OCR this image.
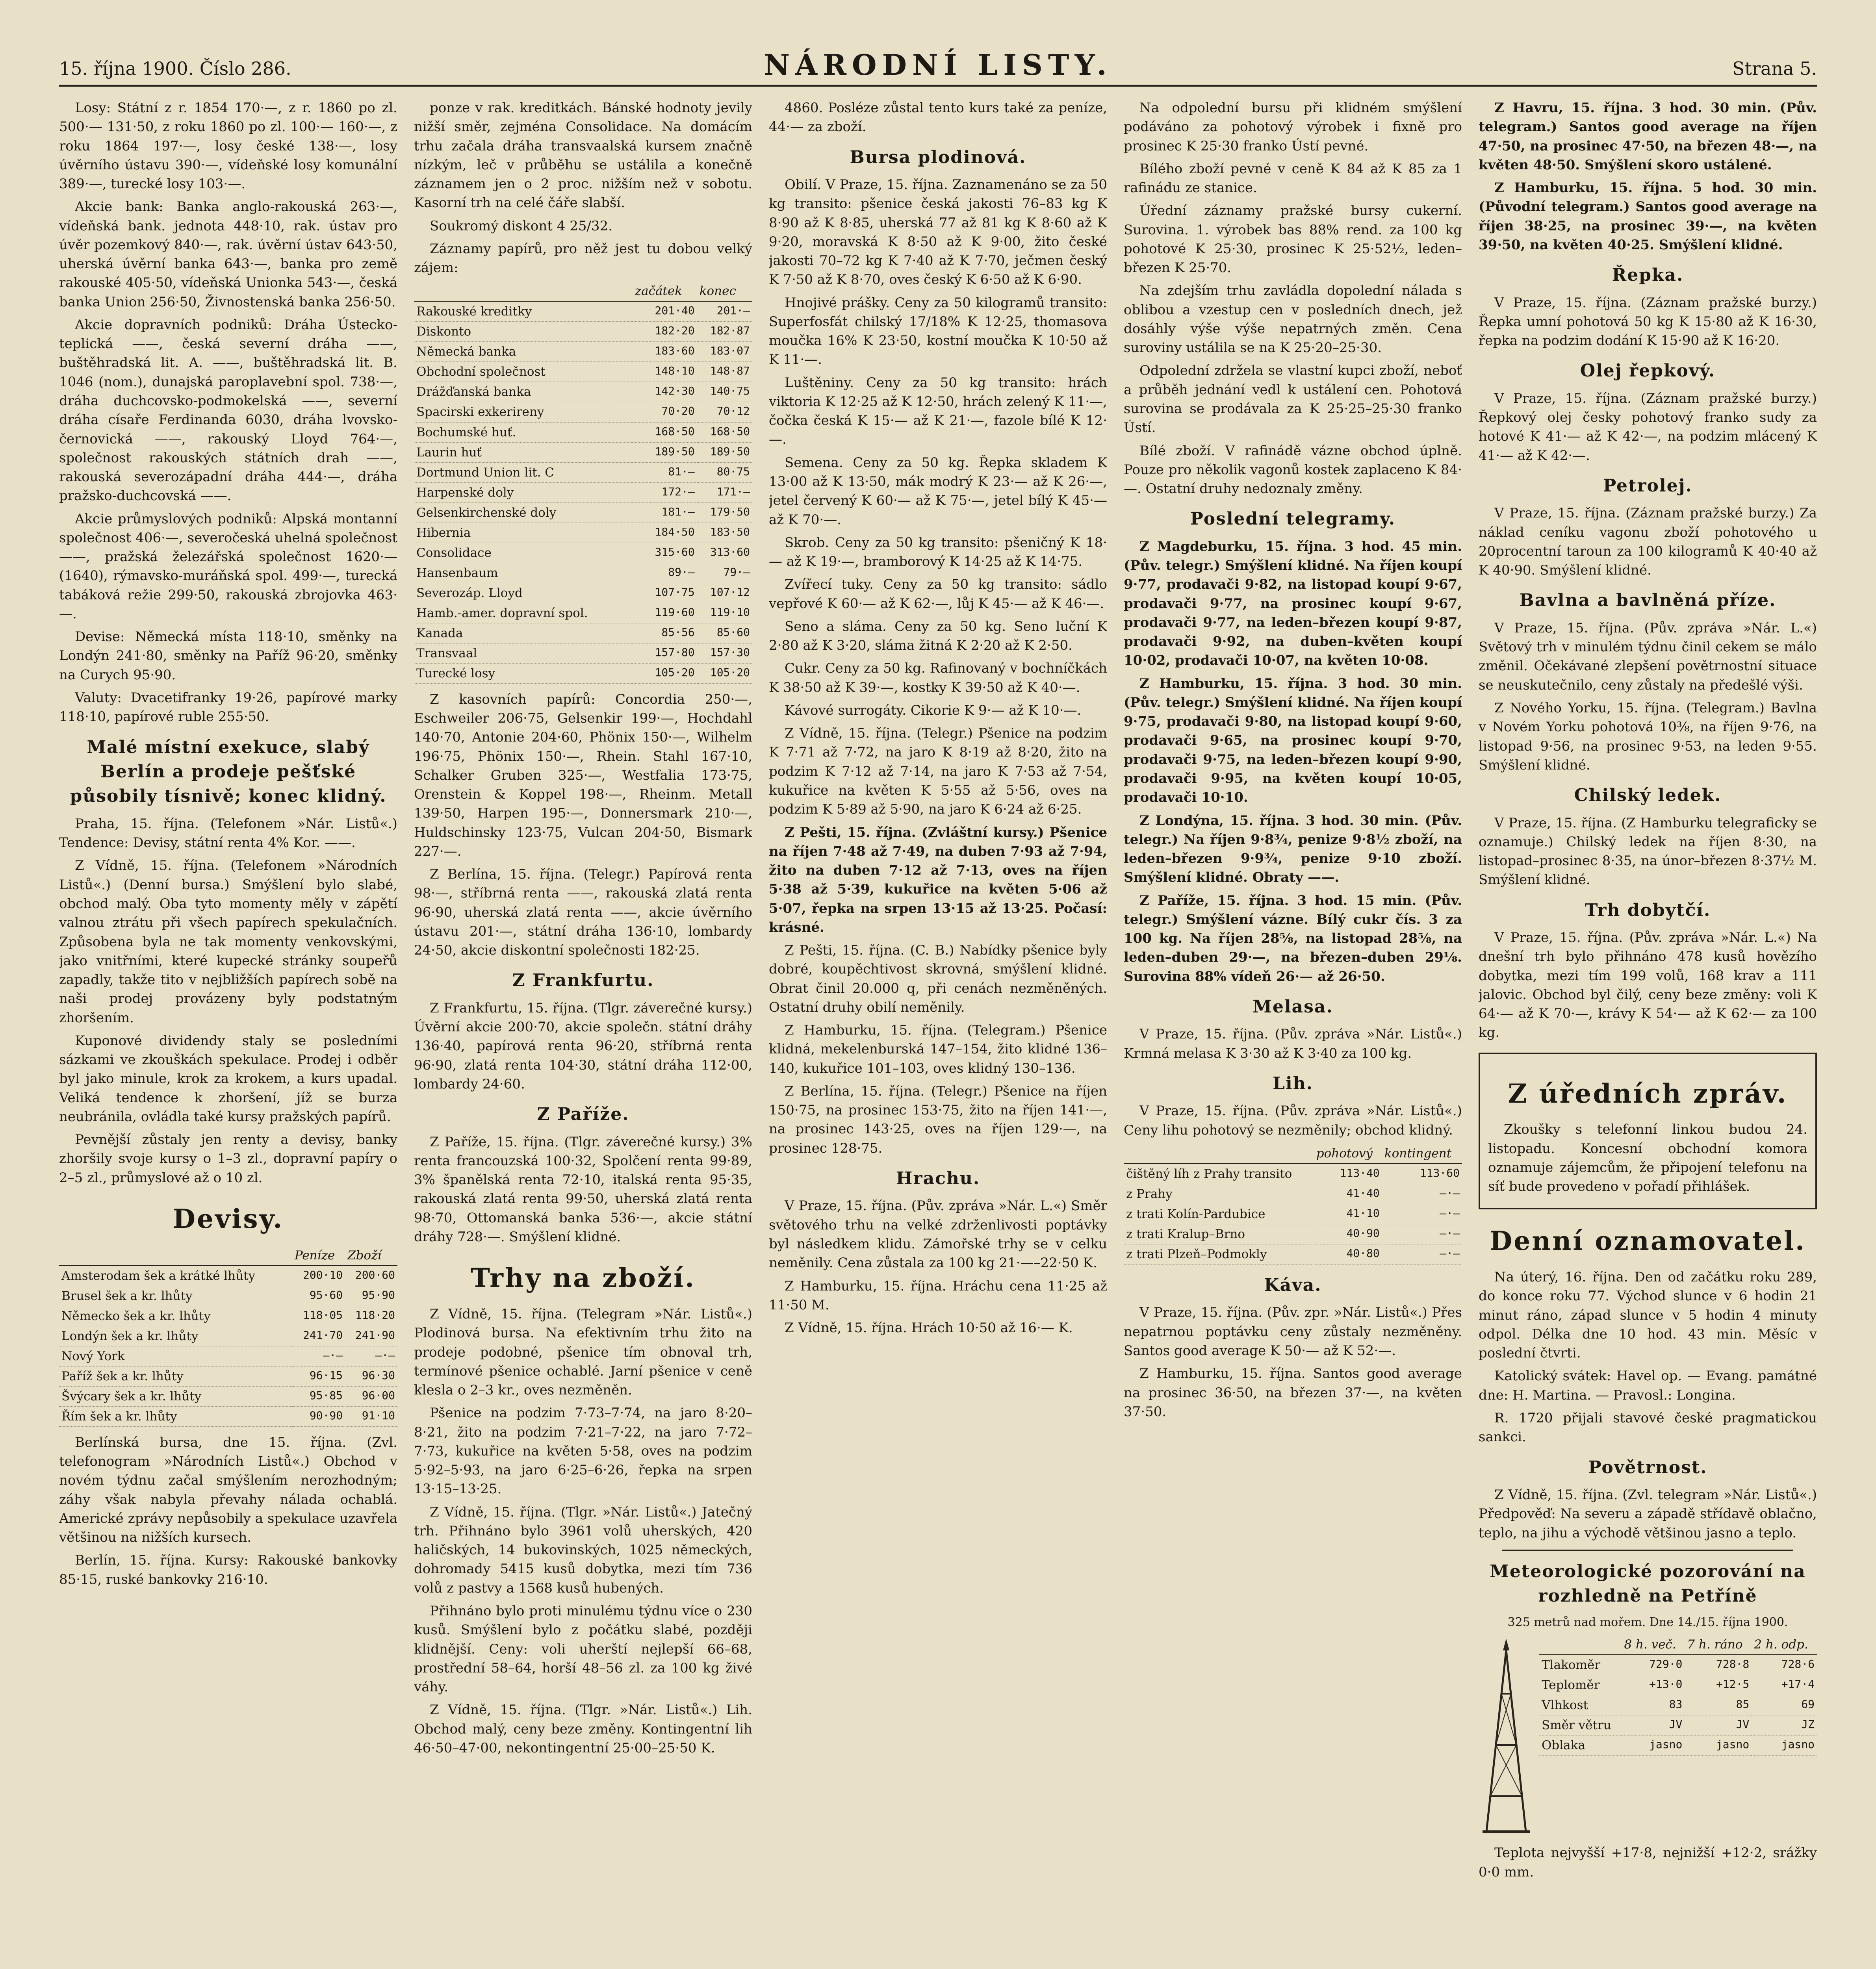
15. října 1900. Číslo 286.	NÁRODNÍ LISTY.	Strana 5.

Losy: Státní z r. 1854 170·—, z r. 1860 po zl. 500·— 131·50, z roku 1860 po zl. 100·— 160·—, z roku 1864 197·—, losy české 138·—, losy úvěrního ústavu 390·—, vídeňské losy komunální 389·—, turecké losy 103·—.

Akcie bank: Banka anglo-rakouská 263·—, vídeňská bank. jednota 448·10, rak. ústav pro úvěr pozemkový 840·—, rak. úvěrní ústav 643·50, uherská úvěrní banka 643·—, banka pro země rakouské 405·50, vídeňská Unionka 543·—, česká banka Union 256·50, Živnostenská banka 256·50.

Akcie dopravních podniků: Dráha Ústecko-teplická ——, česká severní dráha ——, buštěhradská lit. A. ——, buštěhradská lit. B. 1046 (nom.), dunajská paroplavební spol. 738·—, dráha duchcovsko-podmokelská ——, severní dráha císaře Ferdinanda 6030, dráha lvovsko-černovická ——, rakouský Lloyd 764·—, společnost rakouských státních drah ——, rakouská severozápadní dráha 444·—, dráha pražsko-duchcovská ——.

Akcie průmyslových podniků: Alpská montanní společnost 406·—, severočeská uhelná společnost ——, pražská železářská společnost 1620·— (1640), rýmavsko-muráňská spol. 499·—, turecká tabáková režie 299·50, rakouská zbrojovka 463·—.

Devise: Německá místa 118·10, směnky na Londýn 241·80, směnky na Paříž 96·20, směnky na Curych 95·90.

Valuty: Dvacetifranky 19·26, papírové marky 118·10, papírové ruble 255·50.

Malé místní exekuce, slabý Berlín a prodeje pešťské působily tísnivě; konec klidný.

Praha, 15. října. (Telefonem »Nár. Listů«.) Tendence: Devisy, státní renta 4% Kor. ——.

Z Vídně, 15. října. (Telefonem »Národních Listů«.) (Denní bursa.) Smýšlení bylo slabé, obchod malý. Oba tyto momenty měly v zápětí valnou ztrátu při všech papírech spekulačních. Způsobena byla ne tak momenty venkovskými, jako vnitřními, které kupecké stránky soupeřů zapadly, takže tito v nejbližších papírech sobě na naši prodej provázeny byly podstatným zhoršením.

Kuponové dividendy staly se posledními sázkami ve zkouškách spekulace. Prodej i odběr byl jako minule, krok za krokem, a kurs upadal. Veliká tendence k zhoršení, jíž se burza neubránila, ovládla také kursy pražských papírů.

Pevnější zůstaly jen renty a devisy, banky zhoršily svoje kursy o 1–3 zl., dopravní papíry o 2–5 zl., průmyslové až o 10 zl.

Devisy.
	Peníze	Zboží
Amsterodam šek a krátké lhůty	200·10	200·60
Brusel šek a kr. lhůty	95·60	95·90
Německo šek a kr. lhůty	118·05	118·20
Londýn šek a kr. lhůty	241·70	241·90
Nový York	—·—	—·—
Paříž šek a kr. lhůty	96·15	96·30
Švýcary šek a kr. lhůty	95·85	96·00
Řím šek a kr. lhůty	90·90	91·10

Berlínská bursa, dne 15. října. (Zvl. telefonogram »Národních Listů«.) Obchod v novém týdnu začal smýšlením nerozhodným; záhy však nabyla převahy nálada ochablá. Americké zprávy nepůsobily a spekulace uzavřela většinou na nižších kursech.

Berlín, 15. října. Kursy: Rakouské bankovky 85·15, ruské bankovky 216·10.

ponze v rak. kreditkách. Bánské hodnoty jevily nižší směr, zejména Consolidace. Na domácím trhu začala dráha transvaalská kursem značně nízkým, leč v průběhu se ustálila a konečně záznamem jen o 2 proc. nižším než v sobotu. Kasorní trh na celé čáře slabší.

Soukromý diskont 4 25/32.

Záznamy papírů, pro něž jest tu dobou velký zájem:

	začátek	konec
Rakouské kreditky	201·40	201·—
Diskonto	182·20	182·87
Německá banka	183·60	183·07
Obchodní společnost	148·10	148·87
Drážďanská banka	142·30	140·75
Spacirski exkerireny	70·20	70·12
Bochumské huť.	168·50	168·50
Laurin huť	189·50	189·50
Dortmund Union lit. C	81·—	80·75
Harpenské doly	172·—	171·—
Gelsenkirchenské doly	181·—	179·50
Hibernia	184·50	183·50
Consolidace	315·60	313·60
Hansenbaum	89·—	79·—
Severozáp. Lloyd	107·75	107·12
Hamb.-amer. dopravní spol.	119·60	119·10
Kanada	85·56	85·60
Transvaal	157·80	157·30
Turecké losy	105·20	105·20

Z kasovních papírů: Concordia 250·—, Eschweiler 206·75, Gelsenkir 199·—, Hochdahl 140·70, Antonie 204·60, Phönix 150·—, Wilhelm 196·75, Phönix 150·—, Rhein. Stahl 167·10, Schalker Gruben 325·—, Westfalia 173·75, Orenstein & Koppel 198·—, Rheinm. Metall 139·50, Harpen 195·—, Donnersmark 210·—, Huldschinsky 123·75, Vulcan 204·50, Bismark 227·—.

Z Berlína, 15. října. (Telegr.) Papírová renta 98·—, stříbrná renta ——, rakouská zlatá renta 96·90, uherská zlatá renta ——, akcie úvěrního ústavu 201·—, státní dráha 136·10, lombardy 24·50, akcie diskontní společnosti 182·25.

Z Frankfurtu.

Z Frankfurtu, 15. října. (Tlgr. záverečné kursy.) Úvěrní akcie 200·70, akcie společn. státní dráhy 136·40, papírová renta 96·20, stříbrná renta 96·90, zlatá renta 104·30, státní dráha 112·00, lombardy 24·60.

Z Paříže.

Z Paříže, 15. října. (Tlgr. záverečné kursy.) 3% renta francouzská 100·32, Spolčení renta 99·89, 3% španělská renta 72·10, italská renta 95·35, rakouská zlatá renta 99·50, uherská zlatá renta 98·70, Ottomanská banka 536·—, akcie státní dráhy 728·—. Smýšlení klidné.

Trhy na zboží.

Z Vídně, 15. října. (Telegram »Nár. Listů«.) Plodinová bursa. Na efektivním trhu žito na prodeje podobné, pšenice tím obnoval trh, termínové pšenice ochablé. Jarní pšenice v ceně klesla o 2–3 kr., oves nezměněn.

Pšenice na podzim 7·73–7·74, na jaro 8·20–8·21, žito na podzim 7·21–7·22, na jaro 7·72–7·73, kukuřice na květen 5·58, oves na podzim 5·92–5·93, na jaro 6·25–6·26, řepka na srpen 13·15–13·25.

Z Vídně, 15. října. (Tlgr. »Nár. Listů«.) Jatečný trh. Přihnáno bylo 3961 volů uherských, 420 haličských, 14 bukovinských, 1025 německých, dohromady 5415 kusů dobytka, mezi tím 736 volů z pastvy a 1568 kusů hubených.

Přihnáno bylo proti minulému týdnu více o 230 kusů. Smýšlení bylo z počátku slabé, později klidnější. Ceny: voli uherští nejlepší 66–68, prostřední 58–64, horší 48–56 zl. za 100 kg živé váhy.

Z Vídně, 15. října. (Tlgr. »Nár. Listů«.) Lih. Obchod malý, ceny beze změny. Kontingentní lih 46·50–47·00, nekontingentní 25·00–25·50 K.

4860. Posléze zůstal tento kurs také za peníze, 44·— za zboží.

Bursa plodinová.

Obilí. V Praze, 15. října. Zaznamenáno se za 50 kg transito: pšenice česká jakosti 76–83 kg K 8·90 až K 8·85, uherská 77 až 81 kg K 8·60 až K 9·20, moravská K 8·50 až K 9·00, žito české jakosti 70–72 kg K 7·40 až K 7·70, ječmen český K 7·50 až K 8·70, oves český K 6·50 až K 6·90.

Hnojivé prášky. Ceny za 50 kilogramů transito: Superfosfát chilský 17/18% K 12·25, thomasova moučka 16% K 23·50, kostní moučka K 10·50 až K 11·—.

Luštěniny. Ceny za 50 kg transito: hrách viktoria K 12·25 až K 12·50, hrách zelený K 11·—, čočka česká K 15·— až K 21·—, fazole bílé K 12·—.

Semena. Ceny za 50 kg. Řepka skladem K 13·00 až K 13·50, mák modrý K 23·— až K 26·—, jetel červený K 60·— až K 75·—, jetel bílý K 45·— až K 70·—.

Skrob. Ceny za 50 kg transito: pšeničný K 18·— až K 19·—, bramborový K 14·25 až K 14·75.

Zvířecí tuky. Ceny za 50 kg transito: sádlo vepřové K 60·— až K 62·—, lůj K 45·— až K 46·—.

Seno a sláma. Ceny za 50 kg. Seno luční K 2·80 až K 3·20, sláma žitná K 2·20 až K 2·50.

Cukr. Ceny za 50 kg. Rafinovaný v bochníčkách K 38·50 až K 39·—, kostky K 39·50 až K 40·—.

Kávové surrogáty. Cikorie K 9·— až K 10·—.

Z Vídně, 15. října. (Telegr.) Pšenice na podzim K 7·71 až 7·72, na jaro K 8·19 až 8·20, žito na podzim K 7·12 až 7·14, na jaro K 7·53 až 7·54, kukuřice na květen K 5·55 až 5·56, oves na podzim K 5·89 až 5·90, na jaro K 6·24 až 6·25.

Z Pešti, 15. října. (Zvláštní kursy.) Pšenice na říjen 7·48 až 7·49, na duben 7·93 až 7·94, žito na duben 7·12 až 7·13, oves na říjen 5·38 až 5·39, kukuřice na květen 5·06 až 5·07, řepka na srpen 13·15 až 13·25. Počasí: krásné.

Z Pešti, 15. října. (C. B.) Nabídky pšenice byly dobré, koupěchtivost skrovná, smýšlení klidné. Obrat činil 20.000 q, při cenách nezměněných. Ostatní druhy obilí neměnily.

Z Hamburku, 15. října. (Telegram.) Pšenice klidná, mekelenburská 147–154, žito klidné 136–140, kukuřice 101–103, oves klidný 130–136.

Z Berlína, 15. října. (Telegr.) Pšenice na říjen 150·75, na prosinec 153·75, žito na říjen 141·—, na prosinec 143·25, oves na říjen 129·—, na prosinec 128·75.

Hrachu.

V Praze, 15. října. (Pův. zpráva »Nár. L.«) Směr světového trhu na velké zdrženlivosti poptávky byl následkem klidu. Zámořské trhy se v celku neměnily. Cena zůstala za 100 kg 21·—–22·50 K.

Z Hamburku, 15. října. Hráchu cena 11·25 až 11·50 M.

Z Vídně, 15. října. Hrách 10·50 až 16·— K.

Na odpolední bursu při klidném smýšlení podáváno za pohotový výrobek i fixně pro prosinec K 25·30 franko Ústí pevné.

Bílého zboží pevné v ceně K 84 až K 85 za 1 rafinádu ze stanice.

Úřední záznamy pražské bursy cukerní. Surovina. 1. výrobek bas 88% rend. za 100 kg pohotové K 25·30, prosinec K 25·52½, leden–březen K 25·70.

Na zdejším trhu zavládla dopolední nálada s oblibou a vzestup cen v posledních dnech, jež dosáhly výše výše nepatrných změn. Cena suroviny ustálila se na K 25·20–25·30.

Odpolední zdržela se vlastní kupci zboží, neboť a průběh jednání vedl k ustálení cen. Pohotová surovina se prodávala za K 25·25–25·30 franko Ústí.

Bílé zboží. V rafinádě vázne obchod úplně. Pouze pro několik vagonů kostek zaplaceno K 84·—. Ostatní druhy nedoznaly změny.

Poslední telegramy.

Z Magdeburku, 15. října. 3 hod. 45 min. (Pův. telegr.) Smýšlení klidné. Na říjen koupí 9·77, prodavači 9·82, na listopad koupí 9·67, prodavači 9·77, na prosinec koupí 9·67, prodavači 9·77, na leden–březen koupí 9·87, prodavači 9·92, na duben–květen koupí 10·02, prodavači 10·07, na květen 10·08.

Z Hamburku, 15. října. 3 hod. 30 min. (Pův. telegr.) Smýšlení klidné. Na říjen koupí 9·75, prodavači 9·80, na listopad koupí 9·60, prodavači 9·65, na prosinec koupí 9·70, prodavači 9·75, na leden–březen koupí 9·90, prodavači 9·95, na květen koupí 10·05, prodavači 10·10.

Z Londýna, 15. října. 3 hod. 30 min. (Pův. telegr.) Na říjen 9·8¾, penize 9·8½ zboží, na leden–březen 9·9¾, penize 9·10 zboží. Smýšlení klidné. Obraty ——.

Z Paříže, 15. října. 3 hod. 15 min. (Pův. telegr.) Smýšlení vázne. Bílý cukr čís. 3 za 100 kg. Na říjen 28⅝, na listopad 28⅝, na leden–duben 29·—, na březen–duben 29⅛. Surovina 88% vídeň 26·— až 26·50.

Melasa.

V Praze, 15. října. (Pův. zpráva »Nár. Listů«.) Krmná melasa K 3·30 až K 3·40 za 100 kg.

Lih.

V Praze, 15. října. (Pův. zpráva »Nár. Listů«.) Ceny lihu pohotový se nezměnily; obchod klidný.

	pohotový	kontingent
čištěný líh z Prahy transito	113·40	113·60
z Prahy	41·40	—·—
z trati Kolín-Pardubice	41·10	—·—
z trati Kralup–Brno	40·90	—·—
z trati Plzeň–Podmokly	40·80	—·—
Káva.

V Praze, 15. října. (Pův. zpr. »Nár. Listů«.) Přes nepatrnou poptávku ceny zůstaly nezměněny. Santos good average K 50·— až K 52·—.

Z Hamburku, 15. října. Santos good average na prosinec 36·50, na březen 37·—, na květen 37·50.

Z Havru, 15. října. 3 hod. 30 min. (Pův. telegram.) Santos good average na říjen 47·50, na prosinec 47·50, na březen 48·—, na květen 48·50. Smýšlení skoro ustálené.

Z Hamburku, 15. října. 5 hod. 30 min. (Původní telegram.) Santos good average na říjen 38·25, na prosinec 39·—, na květen 39·50, na květen 40·25. Smýšlení klidné.

Řepka.

V Praze, 15. října. (Záznam pražské burzy.) Řepka umní pohotová 50 kg K 15·80 až K 16·30, řepka na podzim dodání K 15·90 až K 16·20.

Olej řepkový.

V Praze, 15. října. (Záznam pražské burzy.) Řepkový olej česky pohotový franko sudy za hotové K 41·— až K 42·—, na podzim mlácený K 41·— až K 42·—.

Petrolej.

V Praze, 15. října. (Záznam pražské burzy.) Za náklad ceníku vagonu zboží pohotového u 20procentní taroun za 100 kilogramů K 40·40 až K 40·90. Smýšlení klidné.

Bavlna a bavlněná příze.

V Praze, 15. října. (Pův. zpráva »Nár. L.«) Světový trh v minulém týdnu činil cekem se málo změnil. Očekávané zlepšení povětrnostní situace se neuskutečnilo, ceny zůstaly na předešlé výši.

Z Nového Yorku, 15. října. (Telegram.) Bavlna v Novém Yorku pohotová 10⅜, na říjen 9·76, na listopad 9·56, na prosinec 9·53, na leden 9·55. Smýšlení klidné.

Chilský ledek.

V Praze, 15. října. (Z Hamburku telegraficky se oznamuje.) Chilský ledek na říjen 8·30, na listopad–prosinec 8·35, na únor–březen 8·37½ M. Smýšlení klidné.

Trh dobytčí.

V Praze, 15. října. (Pův. zpráva »Nár. L.«) Na dnešní trh bylo přihnáno 478 kusů hovězího dobytka, mezi tím 199 volů, 168 krav a 111 jalovic. Obchod byl čilý, ceny beze změny: voli K 64·— až K 70·—, krávy K 54·— až K 62·— za 100 kg.

Z úředních zpráv.

Zkoušky s telefonní linkou budou 24. listopadu. Koncesní obchodní komora oznamuje zájemcům, že připojení telefonu na síť bude provedeno v pořadí přihlášek.

Denní oznamovatel.

Na úterý, 16. října. Den od začátku roku 289, do konce roku 77. Východ slunce v 6 hodin 21 minut ráno, západ slunce v 5 hodin 4 minuty odpol. Délka dne 10 hod. 43 min. Měsíc v poslední čtvrti.

Katolický svátek: Havel op. — Evang. památné dne: H. Martina. — Pravosl.: Longina.

R. 1720 přijali stavové české pragmatickou sankci.

Povětrnost.

Z Vídně, 15. října. (Zvl. telegram »Nár. Listů«.) Předpověď: Na severu a západě střídavě oblačno, teplo, na jihu a východě většinou jasno a teplo.

Meteorologické pozorování na rozhledně na Petříně
325 metrů nad mořem. Dne 14./15. října 1900.
	8 h. več.	7 h. ráno	2 h. odp.
Tlakoměr	729·0	728·8	728·6
Teploměr	+13·0	+12·5	+17·4
Vlhkost	83	85	69
Směr větru	JV	JV	JZ
Oblaka	jasno	jasno	jasno

Teplota nejvyšší +17·8, nejnižší +12·2, srážky 0·0 mm.
